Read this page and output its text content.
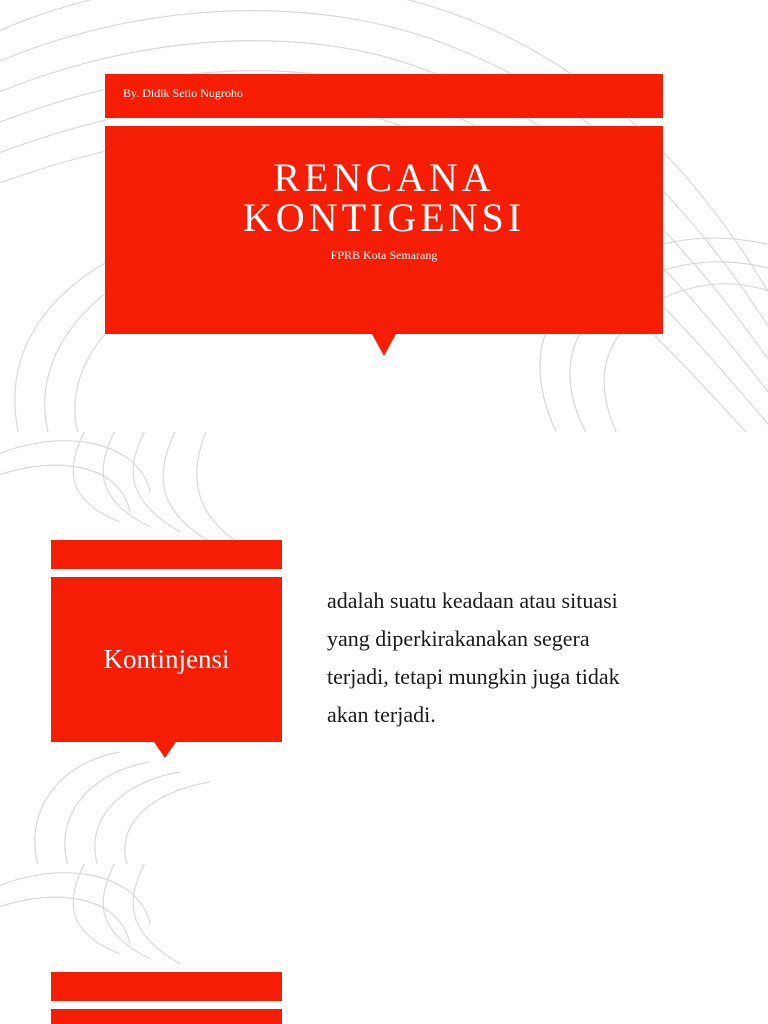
By. Didik Setio Nugroho
RENCANA
KONTIGENSI
FPRB Kota Semarang
Kontinjensi
adalah suatu keadaan atau situasi
yang diperkirakanakan segera
terjadi, tetapi mungkin juga tidak
akan terjadi.
